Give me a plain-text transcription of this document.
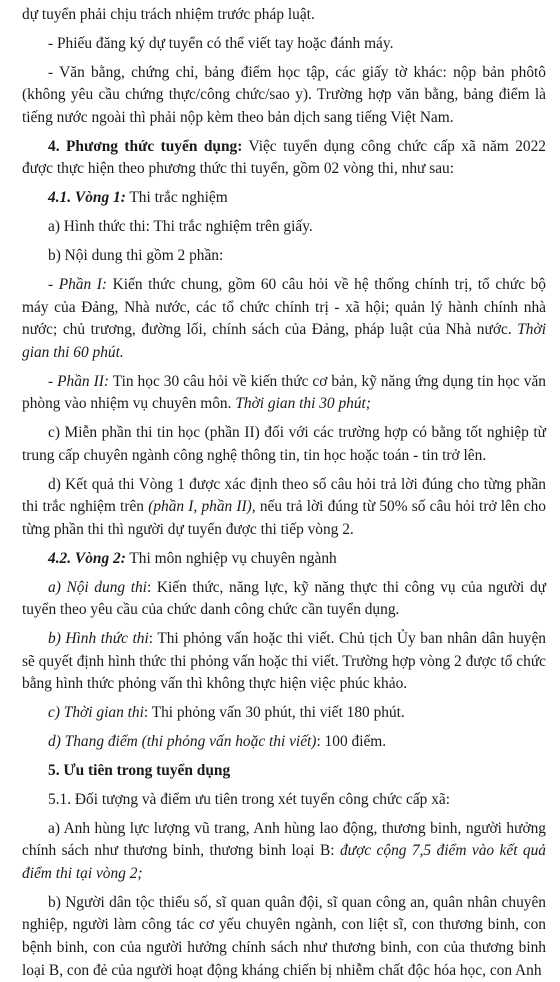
dự tuyển phải chịu trách nhiệm trước pháp luật.

- Phiếu đăng ký dự tuyển có thể viết tay hoặc đánh máy.

- Văn bằng, chứng chỉ, bảng điểm học tập, các giấy tờ khác: nộp bản phôtô (không yêu cầu chứng thực/công chức/sao y). Trường hợp văn bằng, bảng điểm là tiếng nước ngoài thì phải nộp kèm theo bản dịch sang tiếng Việt Nam.

4. Phương thức tuyển dụng: Việc tuyển dụng công chức cấp xã năm 2022 được thực hiện theo phương thức thi tuyển, gồm 02 vòng thi, như sau:

4.1. Vòng 1: Thi trắc nghiệm

a) Hình thức thi: Thi trắc nghiệm trên giấy.

b) Nội dung thi gồm 2 phần:

- Phần I: Kiến thức chung, gồm 60 câu hỏi về hệ thống chính trị, tổ chức bộ máy của Đảng, Nhà nước, các tổ chức chính trị - xã hội; quản lý hành chính nhà nước; chủ trương, đường lối, chính sách của Đảng, pháp luật của Nhà nước. Thời gian thi 60 phút.

- Phần II: Tin học 30 câu hỏi về kiến thức cơ bản, kỹ năng ứng dụng tin học văn phòng vào nhiệm vụ chuyên môn. Thời gian thi 30 phút;

c) Miễn phần thi tin học (phần II) đối với các trường hợp có bằng tốt nghiệp từ trung cấp chuyên ngành công nghệ thông tin, tin học hoặc toán - tin trở lên.

d) Kết quả thi Vòng 1 được xác định theo số câu hỏi trả lời đúng cho từng phần thi trắc nghiệm trên (phần I, phần II), nếu trả lời đúng từ 50% số câu hỏi trở lên cho từng phần thi thì người dự tuyển được thi tiếp vòng 2.

4.2. Vòng 2: Thi môn nghiệp vụ chuyên ngành

a) Nội dung thi: Kiến thức, năng lực, kỹ năng thực thi công vụ của người dự tuyển theo yêu cầu của chức danh công chức cần tuyển dụng.

b) Hình thức thi: Thi phỏng vấn hoặc thi viết. Chủ tịch Ủy ban nhân dân huyện sẽ quyết định hình thức thi phỏng vấn hoặc thi viết. Trường hợp vòng 2 được tổ chức bằng hình thức phỏng vấn thì không thực hiện việc phúc khảo.

c) Thời gian thi: Thi phỏng vấn 30 phút, thi viết 180 phút.

d) Thang điểm (thi phỏng vấn hoặc thi viết): 100 điểm.

5. Ưu tiên trong tuyển dụng

5.1. Đối tượng và điểm ưu tiên trong xét tuyển công chức cấp xã:

a) Anh hùng lực lượng vũ trang, Anh hùng lao động, thương binh, người hưởng chính sách như thương binh, thương binh loại B: được cộng 7,5 điểm vào kết quả điểm thi tại vòng 2;

b) Người dân tộc thiểu số, sĩ quan quân đội, sĩ quan công an, quân nhân chuyên nghiệp, người làm công tác cơ yếu chuyên ngành, con liệt sĩ, con thương binh, con bệnh binh, con của người hưởng chính sách như thương binh, con của thương binh loại B, con đẻ của người hoạt động kháng chiến bị nhiễm chất độc hóa học, con Anh
